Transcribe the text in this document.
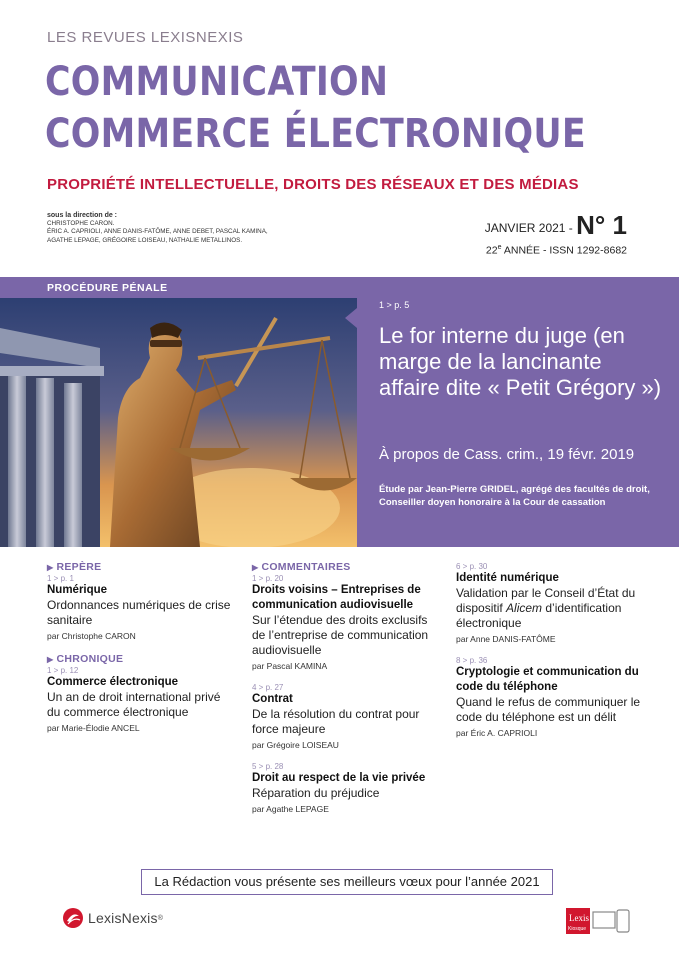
LES REVUES LEXISNEXIS
COMMUNICATION
COMMERCE ÉLECTRONIQUE
PROPRIÉTÉ INTELLECTUELLE, DROITS DES RÉSEAUX ET DES MÉDIAS
sous la direction de :
CHRISTOPHE CARON.
ÉRIC A. CAPRIOLI, ANNE DANIS-FATÔME, ANNE DEBET, PASCAL KAMINA,
AGATHE LEPAGE, GRÉGOIRE LOISEAU, NATHALIE METALLINOS.
JANVIER 2021 - N° 1
22e ANNÉE - ISSN 1292-8682
PROCÉDURE PÉNALE
1 > p. 5
Le for interne du juge (en marge de la lancinante affaire dite « Petit Grégory »)
À propos de Cass. crim., 19 févr. 2019
Étude par Jean-Pierre GRIDEL, agrégé des facultés de droit, Conseiller doyen honoraire à la Cour de cassation
▶ REPÈRE
1 > p. 1
Numérique
Ordonnances numériques de crise sanitaire
par Christophe CARON
▶ CHRONIQUE
1 > p. 12
Commerce électronique
Un an de droit international privé du commerce électronique
par Marie-Élodie ANCEL
▶ COMMENTAIRES
1 > p. 20
Droits voisins – Entreprises de communication audiovisuelle
Sur l’étendue des droits exclusifs de l’entreprise de communication audiovisuelle
par Pascal KAMINA
4 > p. 27
Contrat
De la résolution du contrat pour force majeure
par Grégoire LOISEAU
5 > p. 28
Droit au respect de la vie privée
Réparation du préjudice
par Agathe LEPAGE
6 > p. 30
Identité numérique
Validation par le Conseil d’État du dispositif Alicem d’identification électronique
par Anne DANIS-FATÔME
8 > p. 36
Cryptologie et communication du code du téléphone
Quand le refus de communiquer le code du téléphone est un délit
par Éric A. CAPRIOLI
La Rédaction vous présente ses meilleurs vœux pour l’année 2021
LexisNexis ®	Lexis
Kiosque
